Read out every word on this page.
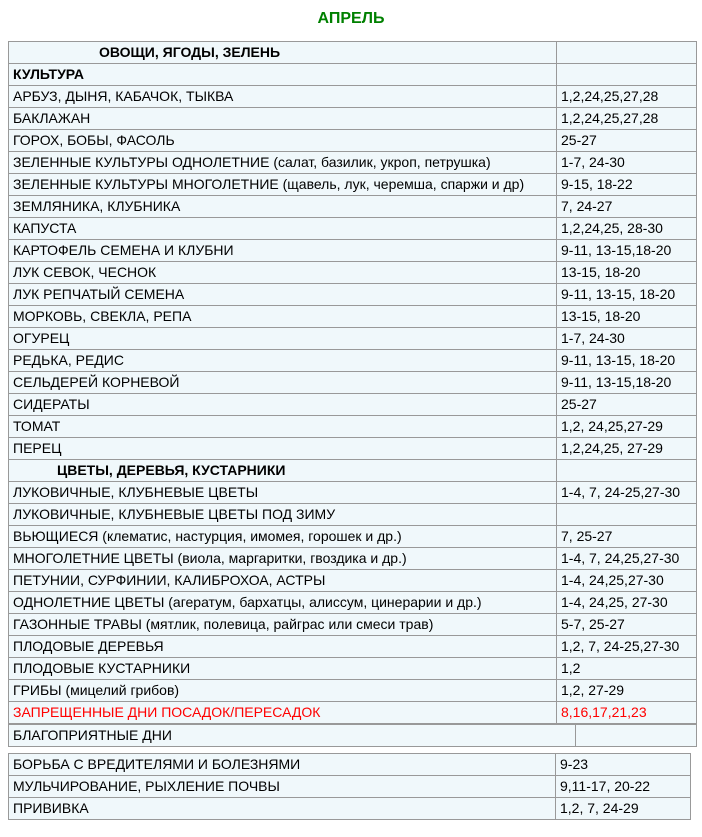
АПРЕЛЬ
ОВОЩИ, ЯГОДЫ, ЗЕЛЕНЬ	
КУЛЬТУРА	
АРБУЗ, ДЫНЯ, КАБАЧОК, ТЫКВА	1,2,24,25,27,28
БАКЛАЖАН	1,2,24,25,27,28
ГОРОХ, БОБЫ, ФАСОЛЬ	25-27
ЗЕЛЕННЫЕ КУЛЬТУРЫ ОДНОЛЕТНИЕ (салат, базилик, укроп, петрушка)	1-7, 24-30
ЗЕЛЕННЫЕ КУЛЬТУРЫ МНОГОЛЕТНИЕ (щавель, лук, черемша, спаржи и др)	9-15, 18-22
ЗЕМЛЯНИКА, КЛУБНИКА	7, 24-27
КАПУСТА	1,2,24,25, 28-30
КАРТОФЕЛЬ СЕМЕНА И КЛУБНИ	9-11, 13-15,18-20
ЛУК СЕВОК, ЧЕСНОК	13-15, 18-20
ЛУК РЕПЧАТЫЙ СЕМЕНА	9-11, 13-15, 18-20
МОРКОВЬ, СВЕКЛА, РЕПА	13-15, 18-20
ОГУРЕЦ	1-7, 24-30
РЕДЬКА, РЕДИС	9-11, 13-15, 18-20
СЕЛЬДЕРЕЙ КОРНЕВОЙ	9-11, 13-15,18-20
СИДЕРАТЫ	25-27
ТОМАТ	1,2, 24,25,27-29
ПЕРЕЦ	1,2,24,25, 27-29
ЦВЕТЫ, ДЕРЕВЬЯ, КУСТАРНИКИ	
ЛУКОВИЧНЫЕ, КЛУБНЕВЫЕ ЦВЕТЫ	1-4, 7, 24-25,27-30
ЛУКОВИЧНЫЕ, КЛУБНЕВЫЕ ЦВЕТЫ ПОД ЗИМУ	
ВЬЮЩИЕСЯ (клематис, настурция, имомея, горошек и др.)	7, 25-27
МНОГОЛЕТНИЕ ЦВЕТЫ (виола, маргаритки, гвоздика и др.)	1-4, 7, 24,25,27-30
ПЕТУНИИ, СУРФИНИИ, КАЛИБРОХОА, АСТРЫ	1-4, 24,25,27-30
ОДНОЛЕТНИЕ ЦВЕТЫ (агератум, бархатцы, алиссум, цинерарии и др.)	1-4, 24,25, 27-30
ГАЗОННЫЕ ТРАВЫ (мятлик, полевица, райграс или смеси трав)	5-7, 25-27
ПЛОДОВЫЕ ДЕРЕВЬЯ	1,2, 7, 24-25,27-30
ПЛОДОВЫЕ КУСТАРНИКИ	1,2
ГРИБЫ (мицелий грибов)	1,2, 27-29
ЗАПРЕЩЕННЫЕ ДНИ ПОСАДОК/ПЕРЕСАДОК	8,16,17,21,23
БЛАГОПРИЯТНЫЕ ДНИ	
БОРЬБА С ВРЕДИТЕЛЯМИ И БОЛЕЗНЯМИ	9-23
МУЛЬЧИРОВАНИЕ, РЫХЛЕНИЕ ПОЧВЫ	9,11-17, 20-22
ПРИВИВКА	1,2, 7, 24-29
